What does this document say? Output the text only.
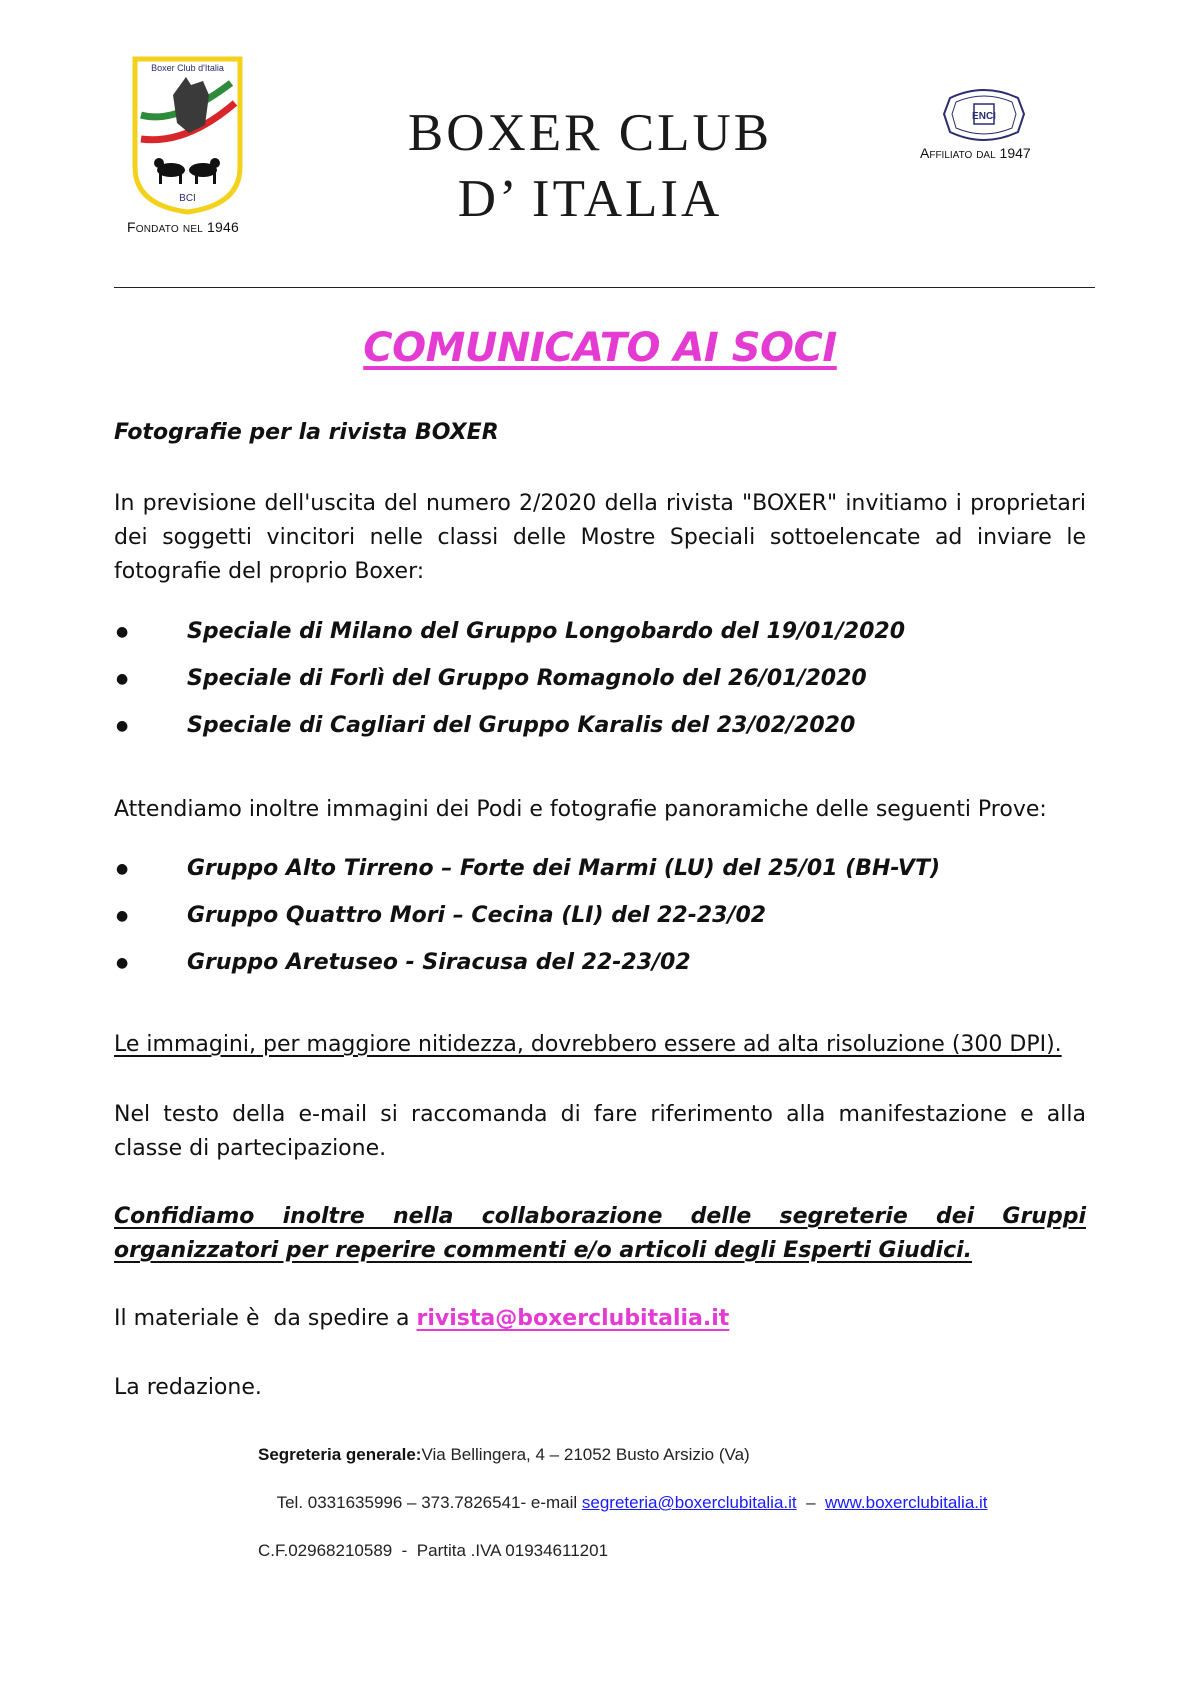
Boxer Club d'Italia
BCI
Fondato nel 1946
BOXER CLUB
D’ ITALIA
ENCI
Affiliato dal 1947
COMUNICATO AI SOCI
Fotografie per la rivista BOXER
In previsione dell'uscita del numero 2/2020 della rivista "BOXER" invitiamo i proprietari dei soggetti vincitori nelle classi delle Mostre Speciali sottoelencate ad inviare le fotografie del proprio Boxer:
●	Speciale di Milano del Gruppo Longobardo del 19/01/2020
●	Speciale di Forlì del Gruppo Romagnolo del 26/01/2020
●	Speciale di Cagliari del Gruppo Karalis del 23/02/2020
Attendiamo inoltre immagini dei Podi e fotografie panoramiche delle seguenti Prove:
●	Gruppo Alto Tirreno – Forte dei Marmi (LU) del 25/01 (BH-VT)
●	Gruppo Quattro Mori – Cecina (LI) del 22-23/02
●	Gruppo Aretuseo - Siracusa del 22-23/02
Le immagini, per maggiore nitidezza, dovrebbero essere ad alta risoluzione (300 DPI).
Nel testo della e-mail si raccomanda di fare riferimento alla manifestazione e alla classe di partecipazione.
Confidiamo inoltre nella collaborazione delle segreterie dei Gruppi organizzatori per reperire commenti e/o articoli degli Esperti Giudici.
Il materiale è  da spedire a rivista@boxerclubitalia.it
La redazione.
Segreteria generale:Via Bellingera, 4 – 21052 Busto Arsizio (Va)

Tel. 0331635996 – 373.7826541- e-mail segreteria@boxerclubitalia.it  –  www.boxerclubitalia.it

C.F.02968210589  -  Partita .IVA 01934611201
